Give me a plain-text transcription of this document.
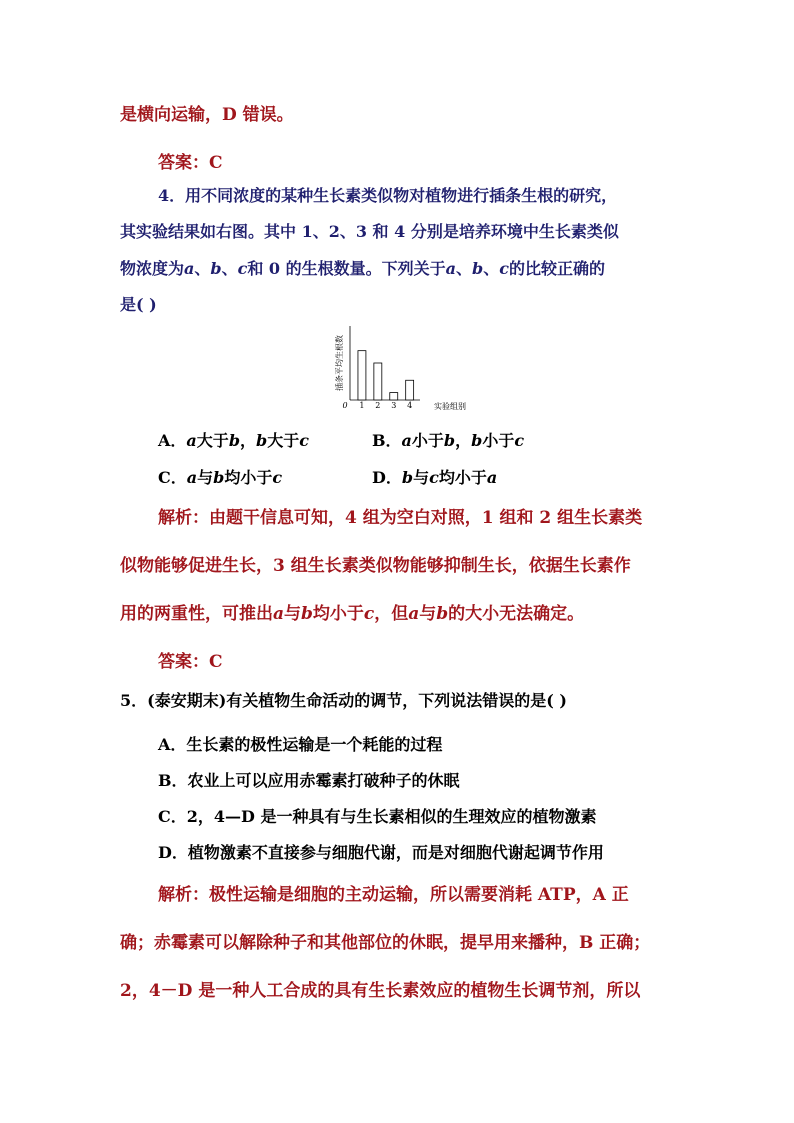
是横向运输，D 错误。
答案：C
4．用不同浓度的某种生长素类似物对植物进行插条生根的研究，
其实验结果如右图。其中 1、2、3 和 4 分别是培养环境中生长素类似
物浓度为a、b、c和 0 的生根数量。下列关于a、b、c的比较正确的
是( )
0 1 2 3 4	实验组别
插条平均生根数
A．a大于b，b大于c	B．a小于b，b小于c
C．a与b均小于c	D．b与c均小于a
解析：由题干信息可知，4 组为空白对照，1 组和 2 组生长素类
似物能够促进生长，3 组生长素类似物能够抑制生长，依据生长素作
用的两重性，可推出a与b均小于c，但a与b的大小无法确定。
答案：C
5．(泰安期末)有关植物生命活动的调节，下列说法错误的是( )
A．生长素的极性运输是一个耗能的过程
B．农业上可以应用赤霉素打破种子的休眠
C．2，4—D 是一种具有与生长素相似的生理效应的植物激素
D．植物激素不直接参与细胞代谢，而是对细胞代谢起调节作用
解析：极性运输是细胞的主动运输，所以需要消耗 ATP，A 正
确；赤霉素可以解除种子和其他部位的休眠，提早用来播种，B 正确；
2，4－D 是一种人工合成的具有生长素效应的植物生长调节剂，所以
